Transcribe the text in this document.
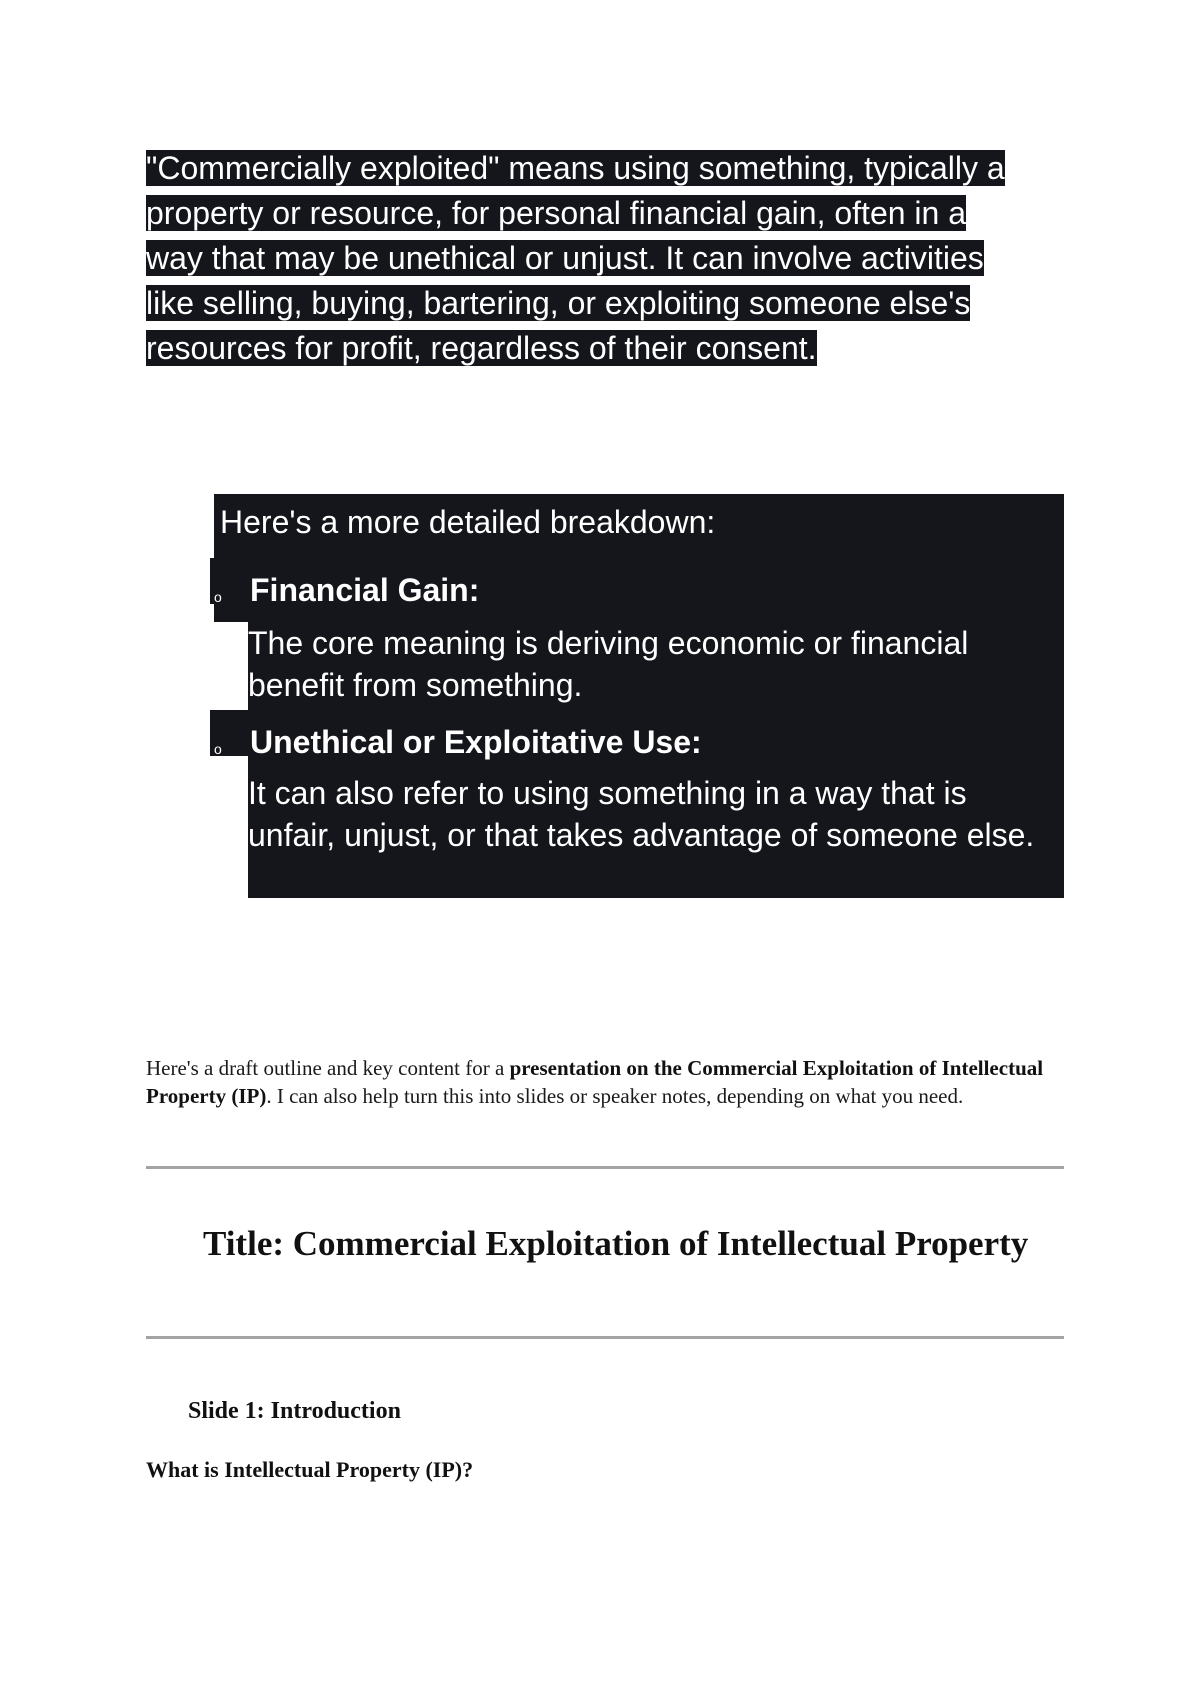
"Commercially exploited" means using something, typically a property or resource, for personal financial gain, often in a way that may be unethical or unjust. It can involve activities like selling, buying, bartering, or exploiting someone else's resources for profit, regardless of their consent.

Here's a more detailed breakdown:

o Financial Gain:

The core meaning is deriving economic or financial benefit from something.

o Unethical or Exploitative Use:

It can also refer to using something in a way that is unfair, unjust, or that takes advantage of someone else.

Here's a draft outline and key content for a presentation on the Commercial Exploitation of Intellectual Property (IP). I can also help turn this into slides or speaker notes, depending on what you need.

Title: Commercial Exploitation of Intellectual Property
Slide 1: Introduction

What is Intellectual Property (IP)?
